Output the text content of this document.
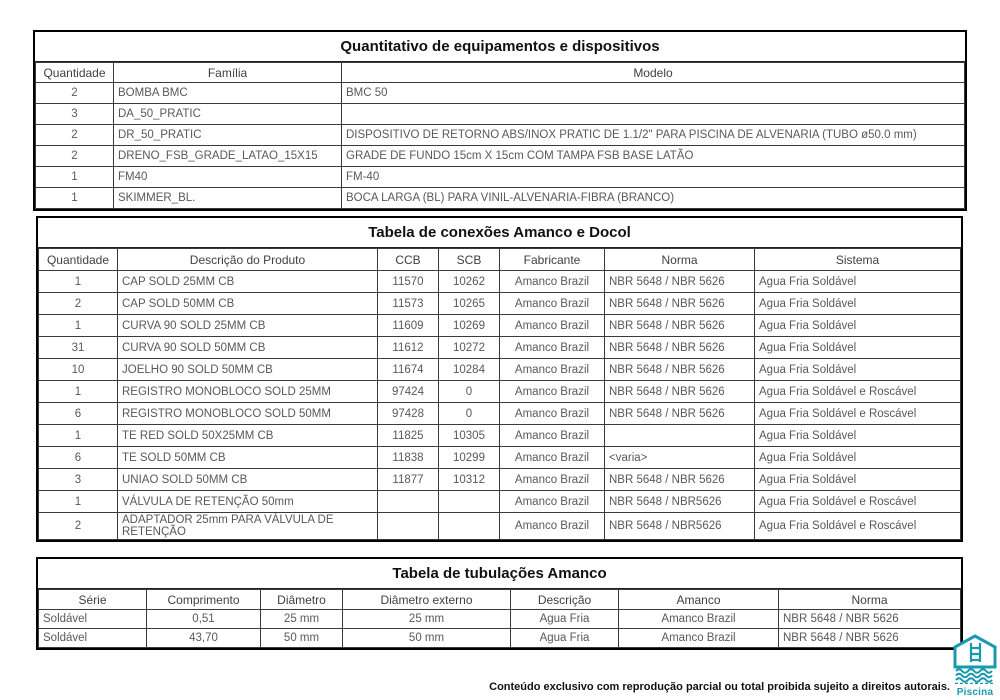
Quantitativo de equipamentos e dispositivos
Quantidade	Família	Modelo
2	BOMBA BMC	BMC 50
3	DA_50_PRATIC	
2	DR_50_PRATIC	DISPOSITIVO DE RETORNO ABS/INOX PRATIC DE 1.1/2" PARA PISCINA DE ALVENARIA (TUBO ø50.0 mm)
2	DRENO_FSB_GRADE_LATAO_15X15	GRADE DE FUNDO 15cm X 15cm COM TAMPA FSB BASE LATÃO
1	FM40	FM-40
1	SKIMMER_BL.	BOCA LARGA (BL) PARA VINIL-ALVENARIA-FIBRA (BRANCO)
Tabela de conexões Amanco e Docol
Quantidade	Descrição do Produto	CCB	SCB	Fabricante	Norma	Sistema
1	CAP SOLD 25MM CB	11570	10262	Amanco Brazil	NBR 5648 / NBR 5626	Agua Fria Soldável
2	CAP SOLD 50MM CB	11573	10265	Amanco Brazil	NBR 5648 / NBR 5626	Agua Fria Soldável
1	CURVA 90 SOLD 25MM CB	11609	10269	Amanco Brazil	NBR 5648 / NBR 5626	Agua Fria Soldável
31	CURVA 90 SOLD 50MM CB	11612	10272	Amanco Brazil	NBR 5648 / NBR 5626	Agua Fria Soldável
10	JOELHO 90 SOLD 50MM CB	11674	10284	Amanco Brazil	NBR 5648 / NBR 5626	Agua Fria Soldável
1	REGISTRO MONOBLOCO SOLD 25MM	97424	0	Amanco Brazil	NBR 5648 / NBR 5626	Agua Fria Soldável e Roscável
6	REGISTRO MONOBLOCO SOLD 50MM	97428	0	Amanco Brazil	NBR 5648 / NBR 5626	Agua Fria Soldável e Roscável
1	TE RED SOLD 50X25MM CB	11825	10305	Amanco Brazil		Agua Fria Soldável
6	TE SOLD 50MM CB	11838	10299	Amanco Brazil	<varia>	Agua Fria Soldável
3	UNIAO SOLD 50MM CB	11877	10312	Amanco Brazil	NBR 5648 / NBR 5626	Agua Fria Soldável
1	VÁLVULA DE RETENÇÃO 50mm			Amanco Brazil	NBR 5648 / NBR5626	Agua Fria Soldável e Roscável
2	ADAPTADOR 25mm PARA VÁLVULA DE RETENÇÃO			Amanco Brazil	NBR 5648 / NBR5626	Agua Fria Soldável e Roscável
Tabela de tubulações Amanco
Série	Comprimento	Diâmetro	Diâmetro externo	Descrição	Amanco	Norma
Soldável	0,51	25 mm	25 mm	Agua Fria	Amanco Brazil	NBR 5648 / NBR 5626
Soldável	43,70	50 mm	50 mm	Agua Fria	Amanco Brazil	NBR 5648 / NBR 5626
Conteúdo exclusivo com reprodução parcial ou total proibida sujeito a direitos autorais. Piscina
